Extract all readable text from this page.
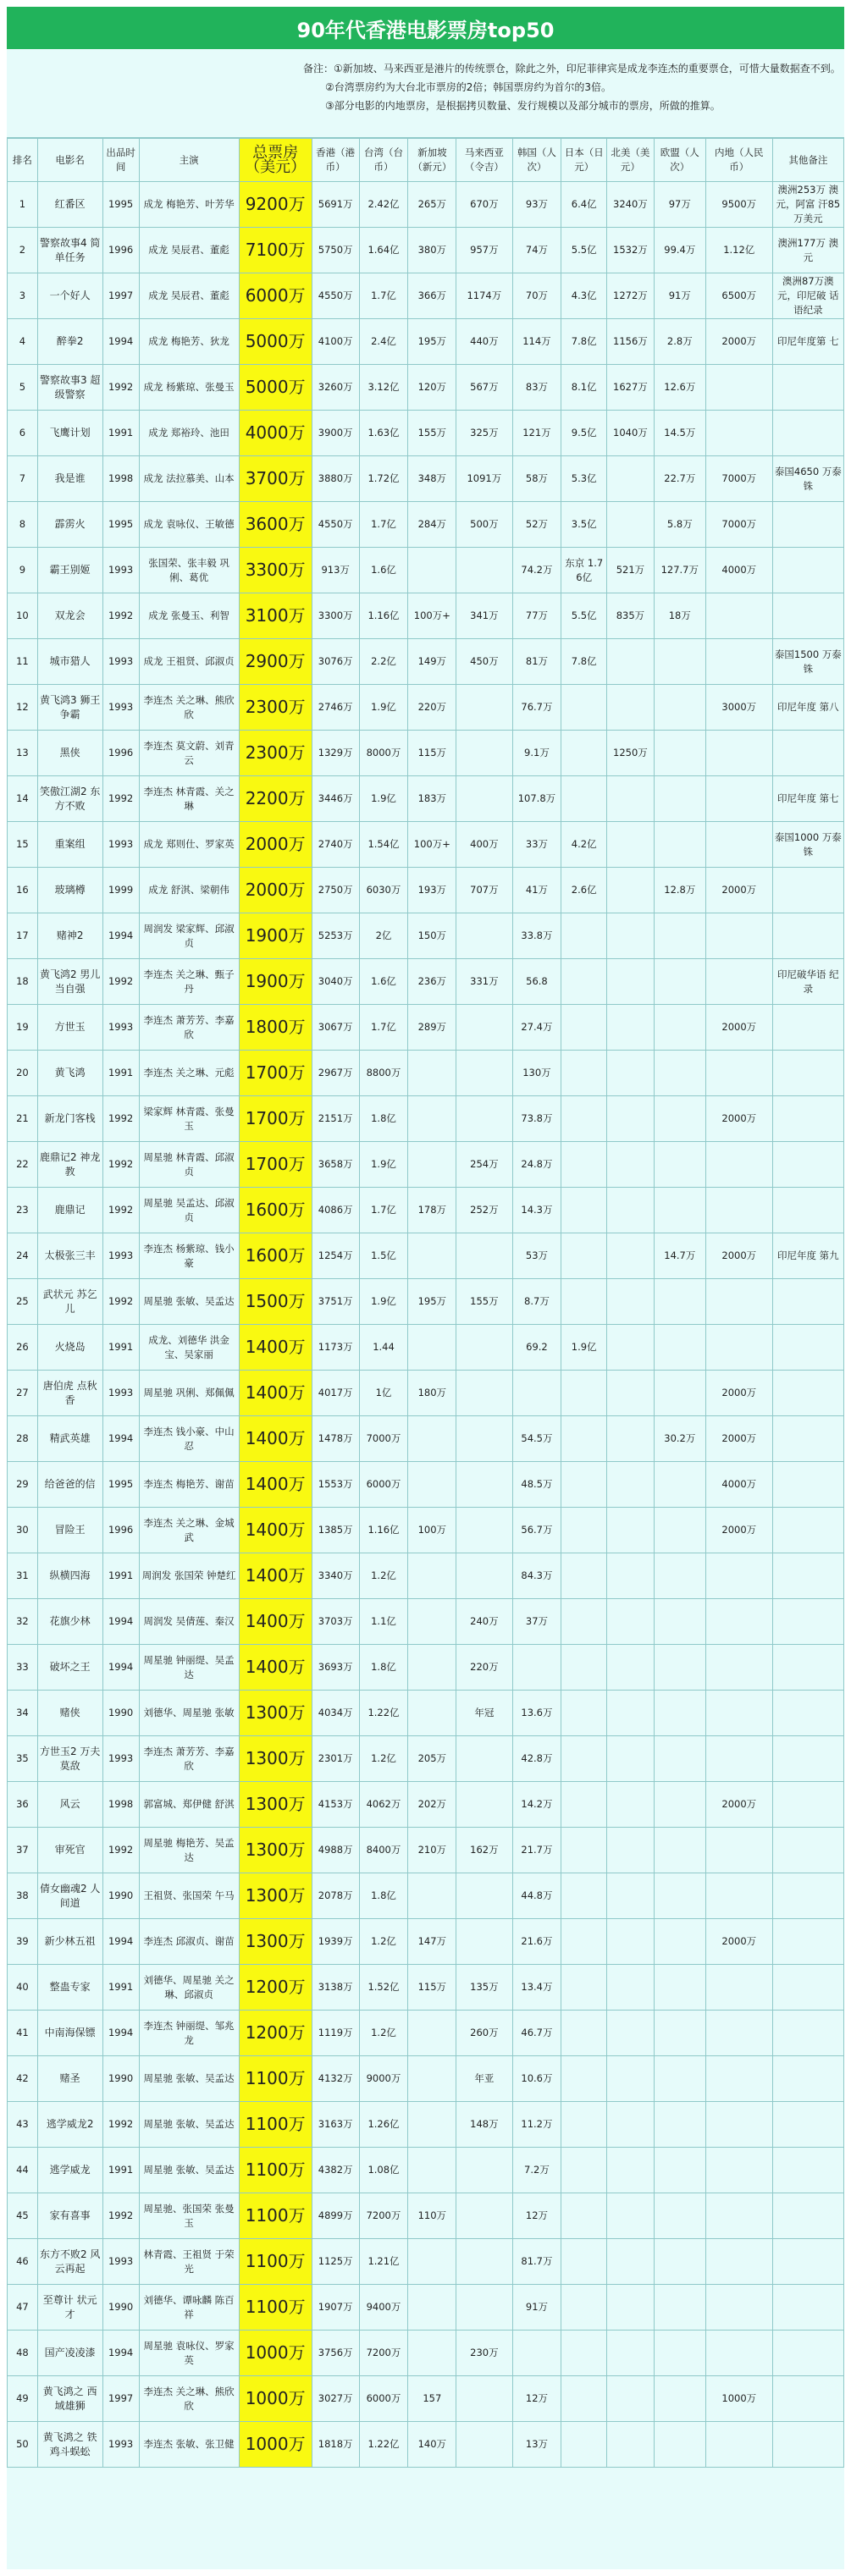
90年代香港电影票房top50
备注：①新加坡、马来西亚是港片的传统票仓，除此之外，印尼菲律宾是成龙李连杰的重要票仓，可惜大量数据查不到。
②台湾票房约为大台北市票房的2倍；韩国票房约为首尔的3倍。
③部分电影的内地票房，是根据拷贝数量、发行规模以及部分城市的票房，所做的推算。
排名	电影名	出品时间	主演	总票房（美元）	香港（港币）	台湾（台币）	新加坡（新元）	马来西亚（令吉）	韩国（人次）	日本（日元）	北美（美元）	欧盟（人次）	内地（人民币）	其他备注
1	红番区	1995	成龙 梅艳芳、叶芳华	9200万	5691万	2.42亿	265万	670万	93万	6.4亿	3240万	97万	9500万	澳洲253万 澳元，阿富 汗85万美元
2	警察故事4 简单任务	1996	成龙 吴辰君、董彪	7100万	5750万	1.64亿	380万	957万	74万	5.5亿	1532万	99.4万	1.12亿	澳洲177万 澳元
3	一个好人	1997	成龙 吴辰君、董彪	6000万	4550万	1.7亿	366万	1174万	70万	4.3亿	1272万	91万	6500万	澳洲87万澳 元，印尼破 话语纪录
4	醉拳2	1994	成龙 梅艳芳、狄龙	5000万	4100万	2.4亿	195万	440万	114万	7.8亿	1156万	2.8万	2000万	印尼年度第 七
5	警察故事3 超级警察	1992	成龙 杨紫琼、张曼玉	5000万	3260万	3.12亿	120万	567万	83万	8.1亿	1627万	12.6万		
6	飞鹰计划	1991	成龙 郑裕玲、池田	4000万	3900万	1.63亿	155万	325万	121万	9.5亿	1040万	14.5万		
7	我是谁	1998	成龙 法拉慕美、山本	3700万	3880万	1.72亿	348万	1091万	58万	5.3亿		22.7万	7000万	泰国4650 万泰铢
8	霹雳火	1995	成龙 袁咏仪、王敏德	3600万	4550万	1.7亿	284万	500万	52万	3.5亿		5.8万	7000万	
9	霸王别姬	1993	张国荣、张丰毅 巩俐、葛优	3300万	913万	1.6亿			74.2万	东京 1.76亿	521万	127.7万	4000万	
10	双龙会	1992	成龙 张曼玉、利智	3100万	3300万	1.16亿	100万+	341万	77万	5.5亿	835万	18万		
11	城市猎人	1993	成龙 王祖贤、邱淑贞	2900万	3076万	2.2亿	149万	450万	81万	7.8亿				泰国1500 万泰铢
12	黄飞鸿3 狮王争霸	1993	李连杰 关之琳、熊欣欣	2300万	2746万	1.9亿	220万		76.7万				3000万	印尼年度 第八
13	黑侠	1996	李连杰 莫文蔚、刘青云	2300万	1329万	8000万	115万		9.1万		1250万			
14	笑傲江湖2 东方不败	1992	李连杰 林青霞、关之琳	2200万	3446万	1.9亿	183万		107.8万					印尼年度 第七
15	重案组	1993	成龙 郑则仕、罗家英	2000万	2740万	1.54亿	100万+	400万	33万	4.2亿				泰国1000 万泰铢
16	玻璃樽	1999	成龙 舒淇、梁朝伟	2000万	2750万	6030万	193万	707万	41万	2.6亿		12.8万	2000万	
17	赌神2	1994	周润发 梁家辉、邱淑贞	1900万	5253万	2亿	150万		33.8万					
18	黄飞鸿2 男儿当自强	1992	李连杰 关之琳、甄子丹	1900万	3040万	1.6亿	236万	331万	56.8					印尼破华语 纪录
19	方世玉	1993	李连杰 萧芳芳、李嘉欣	1800万	3067万	1.7亿	289万		27.4万				2000万	
20	黄飞鸿	1991	李连杰 关之琳、元彪	1700万	2967万	8800万			130万					
21	新龙门客栈	1992	梁家辉 林青霞、张曼玉	1700万	2151万	1.8亿			73.8万				2000万	
22	鹿鼎记2 神龙教	1992	周星驰 林青霞、邱淑贞	1700万	3658万	1.9亿		254万	24.8万					
23	鹿鼎记	1992	周星驰 吴孟达、邱淑贞	1600万	4086万	1.7亿	178万	252万	14.3万					
24	太极张三丰	1993	李连杰 杨紫琼、钱小豪	1600万	1254万	1.5亿			53万			14.7万	2000万	印尼年度 第九
25	武状元 苏乞儿	1992	周星驰 张敏、吴孟达	1500万	3751万	1.9亿	195万	155万	8.7万					
26	火烧岛	1991	成龙、刘德华 洪金宝、吴家丽	1400万	1173万	1.44			69.2	1.9亿				
27	唐伯虎 点秋香	1993	周星驰 巩俐、郑佩佩	1400万	4017万	1亿	180万						2000万	
28	精武英雄	1994	李连杰 钱小豪、中山忍	1400万	1478万	7000万			54.5万			30.2万	2000万	
29	给爸爸的信	1995	李连杰 梅艳芳、谢苗	1400万	1553万	6000万			48.5万				4000万	
30	冒险王	1996	李连杰 关之琳、金城武	1400万	1385万	1.16亿	100万		56.7万				2000万	
31	纵横四海	1991	周润发 张国荣 钟楚红	1400万	3340万	1.2亿			84.3万					
32	花旗少林	1994	周润发 吴倩莲、秦汉	1400万	3703万	1.1亿		240万	37万					
33	破坏之王	1994	周星驰 钟丽缇、吴孟达	1400万	3693万	1.8亿		220万						
34	赌侠	1990	刘德华、周星驰 张敏	1300万	4034万	1.22亿		年冠	13.6万					
35	方世玉2 万夫莫敌	1993	李连杰 萧芳芳、李嘉欣	1300万	2301万	1.2亿	205万		42.8万					
36	风云	1998	郭富城、郑伊健 舒淇	1300万	4153万	4062万	202万		14.2万				2000万	
37	审死官	1992	周星驰 梅艳芳、吴孟达	1300万	4988万	8400万	210万	162万	21.7万					
38	倩女幽魂2 人间道	1990	王祖贤、张国荣 午马	1300万	2078万	1.8亿			44.8万					
39	新少林五祖	1994	李连杰 邱淑贞、谢苗	1300万	1939万	1.2亿	147万		21.6万				2000万	
40	整蛊专家	1991	刘德华、周星驰 关之琳、邱淑贞	1200万	3138万	1.52亿	115万	135万	13.4万					
41	中南海保镖	1994	李连杰 钟丽缇、邹兆龙	1200万	1119万	1.2亿		260万	46.7万					
42	赌圣	1990	周星驰 张敏、吴孟达	1100万	4132万	9000万		年亚	10.6万					
43	逃学威龙2	1992	周星驰 张敏、吴孟达	1100万	3163万	1.26亿		148万	11.2万					
44	逃学威龙	1991	周星驰 张敏、吴孟达	1100万	4382万	1.08亿			7.2万					
45	家有喜事	1992	周星驰、张国荣 张曼玉	1100万	4899万	7200万	110万		12万					
46	东方不败2 风云再起	1993	林青霞、王祖贤 于荣光	1100万	1125万	1.21亿			81.7万					
47	至尊计 状元才	1990	刘德华、谭咏麟 陈百祥	1100万	1907万	9400万			91万					
48	国产凌凌漆	1994	周星驰 袁咏仪、罗家英	1000万	3756万	7200万		230万						
49	黄飞鸿之 西域雄狮	1997	李连杰 关之琳、熊欣欣	1000万	3027万	6000万	157		12万				1000万	
50	黄飞鸿之 铁鸡斗蜈蚣	1993	李连杰 张敏、张卫健	1000万	1818万	1.22亿	140万		13万					
